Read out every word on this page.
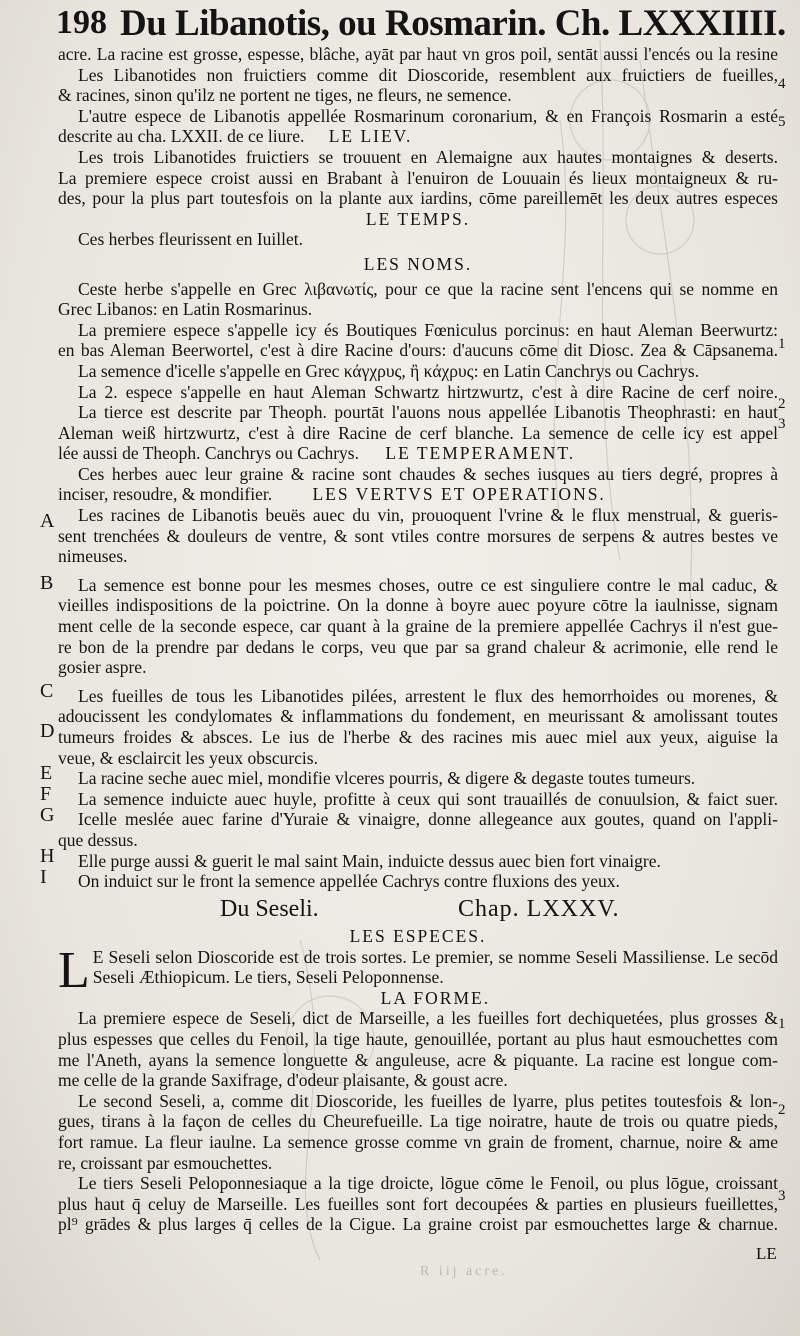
198 Du Libanotis, ou Rosmarin. Ch. LXXXIIII.
acre. La racine est grosse, espesse, blâche, ayāt par haut vn gros poil, sentāt aussi l'encés ou la resine
Les Libanotides non fruictiers comme dit Dioscoride, resemblent aux fruictiers de fueilles,
& racines, sinon qu'ilz ne portent ne tiges, ne fleurs, ne semence.
L'autre espece de Libanotis appellée Rosmarinum coronarium, & en François Rosmarin a esté
descrite au cha. LXXII. de ce liure. LE LIEV.
Les trois Libanotides fruictiers se trouuent en Alemaigne aux hautes montaignes & deserts.
La premiere espece croist aussi en Brabant à l'enuiron de Louuain és lieux montaigneux & ru-
des, pour la plus part toutesfois on la plante aux iardins, cōme pareillemēt les deux autres especes
LE TEMPS.
Ces herbes fleurissent en Iuillet.
LES NOMS.
Ceste herbe s'appelle en Grec λιβανωτίς, pour ce que la racine sent l'encens qui se nomme en
Grec Libanos: en Latin Rosmarinus.
La premiere espece s'appelle icy és Boutiques Fœniculus porcinus: en haut Aleman Beerwurtz:
en bas Aleman Beerwortel, c'est à dire Racine d'ours: d'aucuns cōme dit Diosc. Zea & Cāpsanema.
La semence d'icelle s'appelle en Grec κάγχρυς, ἢ κάχρυς: en Latin Canchrys ou Cachrys.
La 2. espece s'appelle en haut Aleman Schwartz hirtzwurtz, c'est à dire Racine de cerf noire.
La tierce est descrite par Theoph. pourtāt l'auons nous appellée Libanotis Theophrasti: en haut
Aleman weiß hirtzwurtz, c'est à dire Racine de cerf blanche. La semence de celle icy est appel
lée aussi de Theoph. Canchrys ou Cachrys. LE TEMPERAMENT.
Ces herbes auec leur graine & racine sont chaudes & seches iusques au tiers degré, propres à
inciser, resoudre, & mondifier. LES VERTVS ET OPERATIONS.
Les racines de Libanotis beuës auec du vin, prouoquent l'vrine & le flux menstrual, & gueris-
sent trenchées & douleurs de ventre, & sont vtiles contre morsures de serpens & autres bestes ve
nimeuses.
La semence est bonne pour les mesmes choses, outre ce est singuliere contre le mal caduc, &
vieilles indispositions de la poictrine. On la donne à boyre auec poyure cōtre la iaulnisse, signam
ment celle de la seconde espece, car quant à la graine de la premiere appellée Cachrys il n'est gue-
re bon de la prendre par dedans le corps, veu que par sa grand chaleur & acrimonie, elle rend le
gosier aspre.
Les fueilles de tous les Libanotides pilées, arrestent le flux des hemorrhoides ou morenes, &
adoucissent les condylomates & inflammations du fondement, en meurissant & amolissant toutes
tumeurs froides & absces. Le ius de l'herbe & des racines mis auec miel aux yeux, aiguise la
veue, & esclaircit les yeux obscurcis.
La racine seche auec miel, mondifie vlceres pourris, & digere & degaste toutes tumeurs.
La semence induicte auec huyle, profitte à ceux qui sont trauaillés de conuulsion, & faict suer.
Icelle meslée auec farine d'Yuraie & vinaigre, donne allegeance aux goutes, quand on l'appli-
que dessus.
Elle purge aussi & guerit le mal saint Main, induicte dessus auec bien fort vinaigre.
On induict sur le front la semence appellée Cachrys contre fluxions des yeux.
A
B
C
D
E
F
G
H
I
4
5
1
2
3
1
2
3
Du Seseli.	Chap. LXXXV.
LES ESPECES.
L E Seseli selon Dioscoride est de trois sortes. Le premier, se nomme Seseli Massiliense. Le secōd
Seseli Æthiopicum. Le tiers, Seseli Peloponnense.
LA FORME.
La premiere espece de Seseli, dict de Marseille, a les fueilles fort dechiquetées, plus grosses &
plus espesses que celles du Fenoil, la tige haute, genouillée, portant au plus haut esmouchettes com
me l'Aneth, ayans la semence longuette & anguleuse, acre & piquante. La racine est longue com-
me celle de la grande Saxifrage, d'odeur plaisante, & goust acre.
Le second Seseli, a, comme dit Dioscoride, les fueilles de lyarre, plus petites toutesfois & lon-
gues, tirans à la façon de celles du Cheurefueille. La tige noiratre, haute de trois ou quatre pieds,
fort ramue. La fleur iaulne. La semence grosse comme vn grain de froment, charnue, noire & ame
re, croissant par esmouchettes.
Le tiers Seseli Peloponnesiaque a la tige droicte, lōgue cōme le Fenoil, ou plus lōgue, croissant
plus haut q̄ celuy de Marseille. Les fueilles sont fort decoupées & parties en plusieurs fueillettes,
pl⁹ grādes & plus larges q̄ celles de la Cigue. La graine croist par esmouchettes large & charnue.
LE
R iij acre.
